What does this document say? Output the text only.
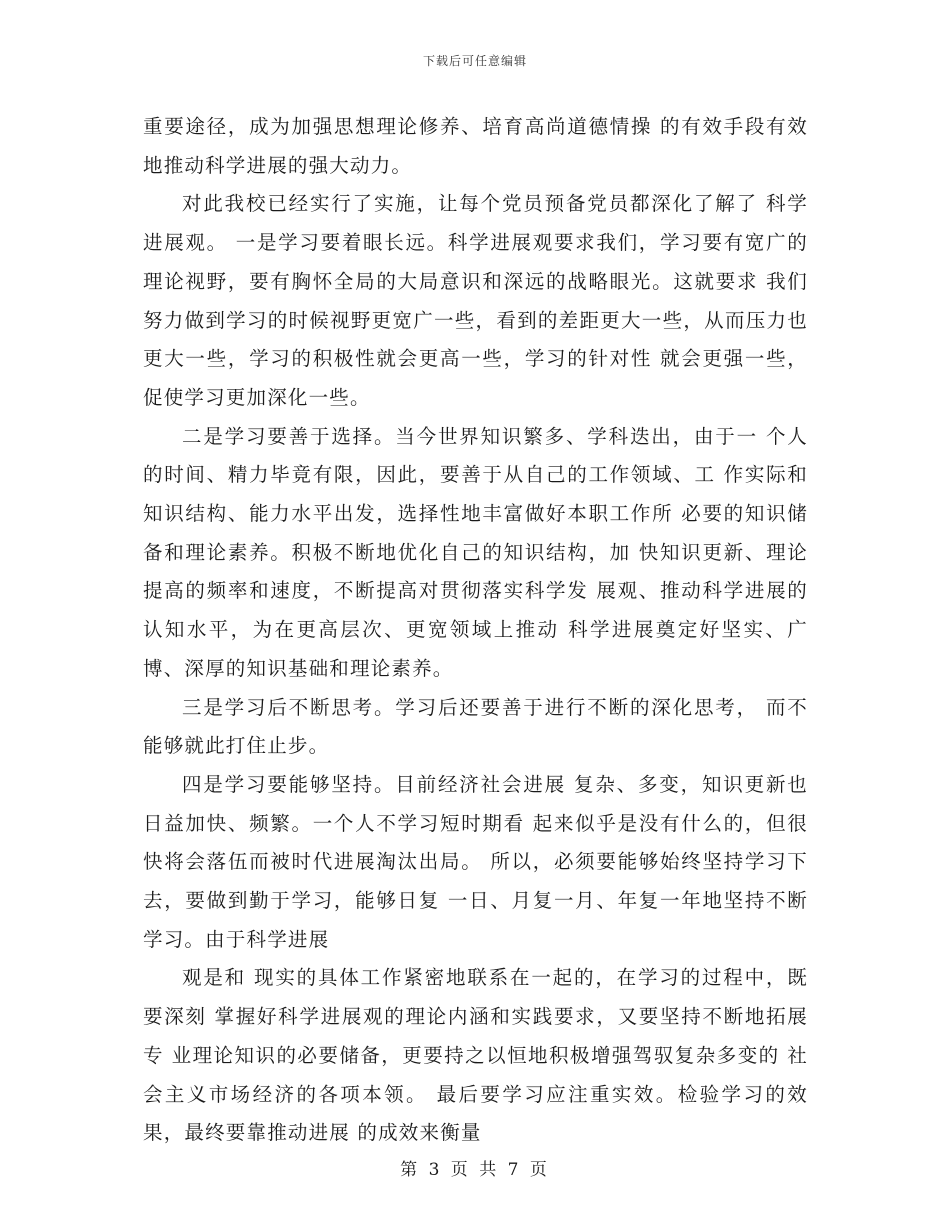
下载后可任意编辑

重要途径，成为加强思想理论修养、培育高尚道德情操 的有效手段有效地推动科学进展的强大动力。

对此我校已经实行了实施，让每个党员预备党员都深化了解了 科学进展观。 一是学习要着眼长远。科学进展观要求我们，学习要有宽广的 理论视野，要有胸怀全局的大局意识和深远的战略眼光。这就要求 我们努力做到学习的时候视野更宽广一些，看到的差距更大一些，从而压力也更大一些，学习的积极性就会更高一些，学习的针对性 就会更强一些，促使学习更加深化一些。

二是学习要善于选择。当今世界知识繁多、学科迭出，由于一 个人的时间、精力毕竟有限，因此，要善于从自己的工作领域、工 作实际和知识结构、能力水平出发，选择性地丰富做好本职工作所 必要的知识储备和理论素养。积极不断地优化自己的知识结构，加 快知识更新、理论提高的频率和速度，不断提高对贯彻落实科学发 展观、推动科学进展的认知水平，为在更高层次、更宽领域上推动 科学进展奠定好坚实、广博、深厚的知识基础和理论素养。

三是学习后不断思考。学习后还要善于进行不断的深化思考， 而不能够就此打住止步。

四是学习要能够坚持。目前经济社会进展 复杂、多变，知识更新也日益加快、频繁。一个人不学习短时期看 起来似乎是没有什么的，但很快将会落伍而被时代进展淘汰出局。 所以，必须要能够始终坚持学习下去，要做到勤于学习，能够日复 一日、月复一月、年复一年地坚持不断学习。由于科学进展

观是和 现实的具体工作紧密地联系在一起的，在学习的过程中，既要深刻 掌握好科学进展观的理论内涵和实践要求，又要坚持不断地拓展专 业理论知识的必要储备，更要持之以恒地积极增强驾驭复杂多变的 社会主义市场经济的各项本领。 最后要学习应注重实效。检验学习的效果，最终要靠推动进展 的成效来衡量

第 3 页 共 7 页
